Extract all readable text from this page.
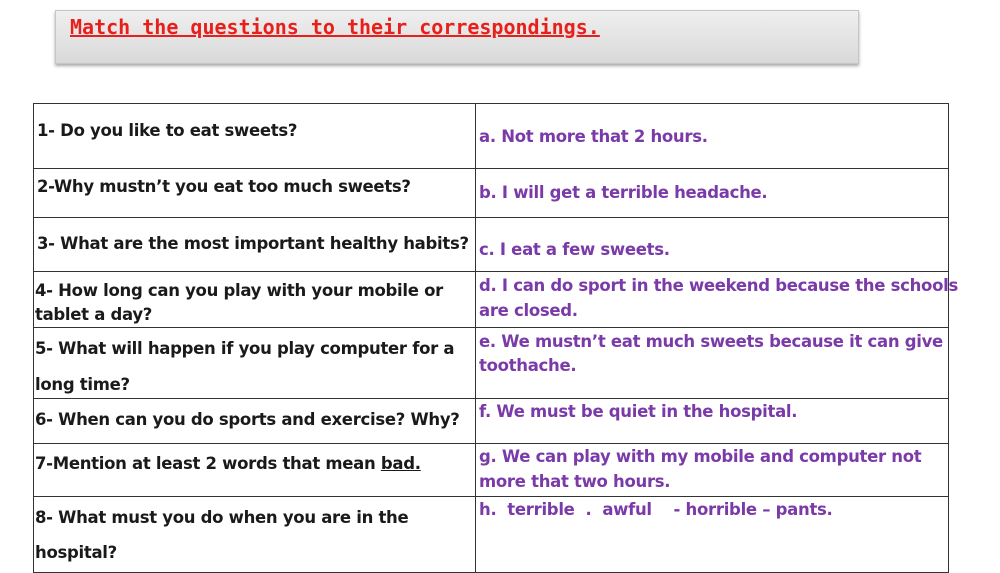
Match the questions to their correspondings.
1- Do you like to eat sweets?
2-Why mustn’t you eat too much sweets?
3- What are the most important healthy habits?
4- How long can you play with your mobile or
tablet a day?
5- What will happen if you play computer for a
long time?
6- When can you do sports and exercise? Why?
7-Mention at least 2 words that mean bad.
8- What must you do when you are in the
hospital?
a. Not more that 2 hours.
b. I will get a terrible headache.
c. I eat a few sweets.
d. I can do sport in the weekend because the schools
are closed.
e. We mustn’t eat much sweets because it can give
toothache.
f. We must be quiet in the hospital.
g. We can play with my mobile and computer not
more that two hours.
h.  terrible  .  awful    - horrible – pants.
